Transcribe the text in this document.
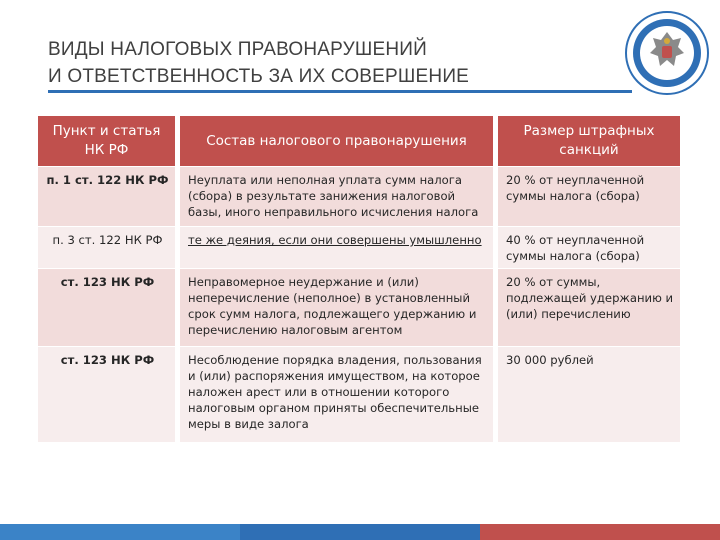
ВИДЫ НАЛОГОВЫХ ПРАВОНАРУШЕНИЙ
И ОТВЕТСТВЕННОСТЬ ЗА ИХ СОВЕРШЕНИЕ
Пункт и статья НК РФ	Состав налогового правонарушения	Размер штрафных санкций
п. 1 ст. 122 НК РФ	Неуплата или неполная уплата сумм налога (сбора) в результате занижения налоговой базы, иного неправильного исчисления налога	20 % от неуплаченной суммы налога (сбора)
п. 3 ст. 122 НК РФ	те же деяния, если они совершены умышленно	40 % от неуплаченной суммы налога (сбора)
ст. 123 НК РФ	Неправомерное неудержание и (или) неперечисление (неполное) в установленный срок сумм налога, подлежащего удержанию и перечислению налоговым агентом	20 % от суммы, подлежащей удержанию и (или) перечислению
ст. 123 НК РФ	Несоблюдение порядка владения, пользования и (или) распоряжения имуществом, на которое наложен арест или в отношении которого налоговым органом приняты обеспечительные меры в виде залога	30 000 рублей
